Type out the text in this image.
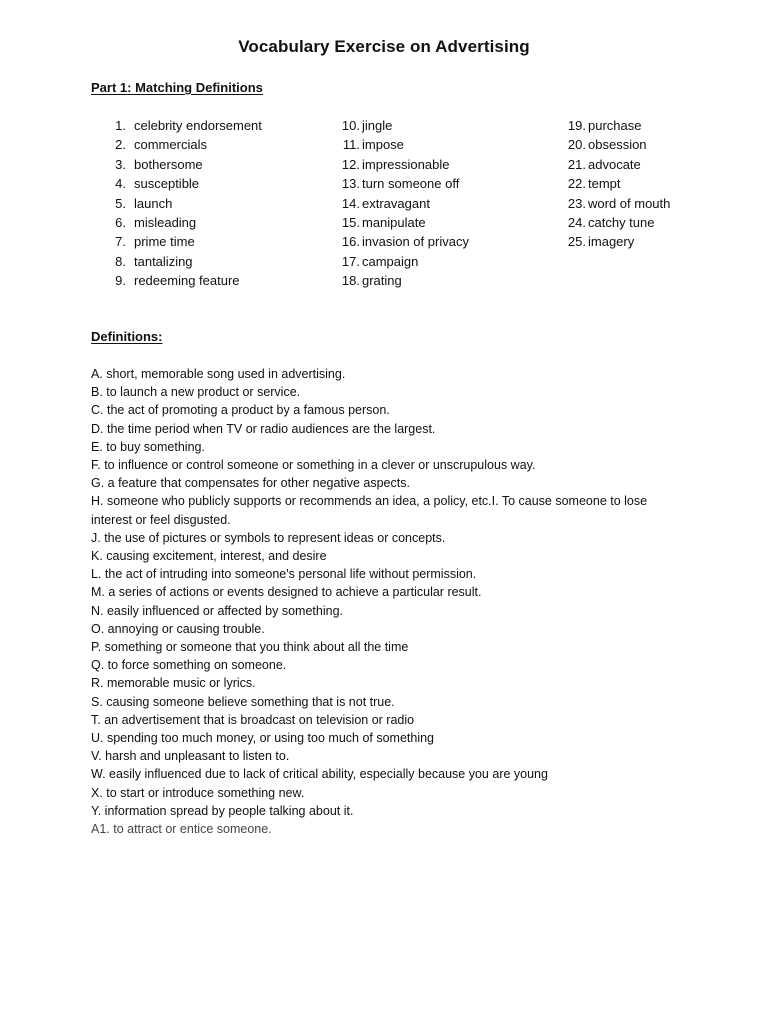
Vocabulary Exercise on Advertising
Part 1: Matching Definitions
1. celebrity endorsement
2. commercials
3. bothersome
4. susceptible
5. launch
6. misleading
7. prime time
8. tantalizing
9. redeeming feature
10. jingle
11. impose
12. impressionable
13. turn someone off
14. extravagant
15. manipulate
16. invasion of privacy
17. campaign
18. grating
19. purchase
20. obsession
21. advocate
22. tempt
23. word of mouth
24. catchy tune
25. imagery
Definitions:
A. short, memorable song used in advertising.
B. to launch a new product or service.
C. the act of promoting a product by a famous person.
D. the time period when TV or radio audiences are the largest.
E. to buy something.
F. to influence or control someone or something in a clever or unscrupulous way.
G. a feature that compensates for other negative aspects.
H. someone who publicly supports or recommends an idea, a policy, etc.I. To cause someone to lose interest or feel disgusted.
J. the use of pictures or symbols to represent ideas or concepts.
K. causing excitement, interest, and desire
L. the act of intruding into someone's personal life without permission.
M. a series of actions or events designed to achieve a particular result.
N. easily influenced or affected by something.
O. annoying or causing trouble.
P. something or someone that you think about all the time
Q. to force something on someone.
R. memorable music or lyrics.
S. causing someone believe something that is not true.
T. an advertisement that is broadcast on television or radio
U. spending too much money, or using too much of something
V. harsh and unpleasant to listen to.
W. easily influenced due to lack of critical ability, especially because you are young
X. to start or introduce something new.
Y. information spread by people talking about it.
A1. to attract or entice someone.
